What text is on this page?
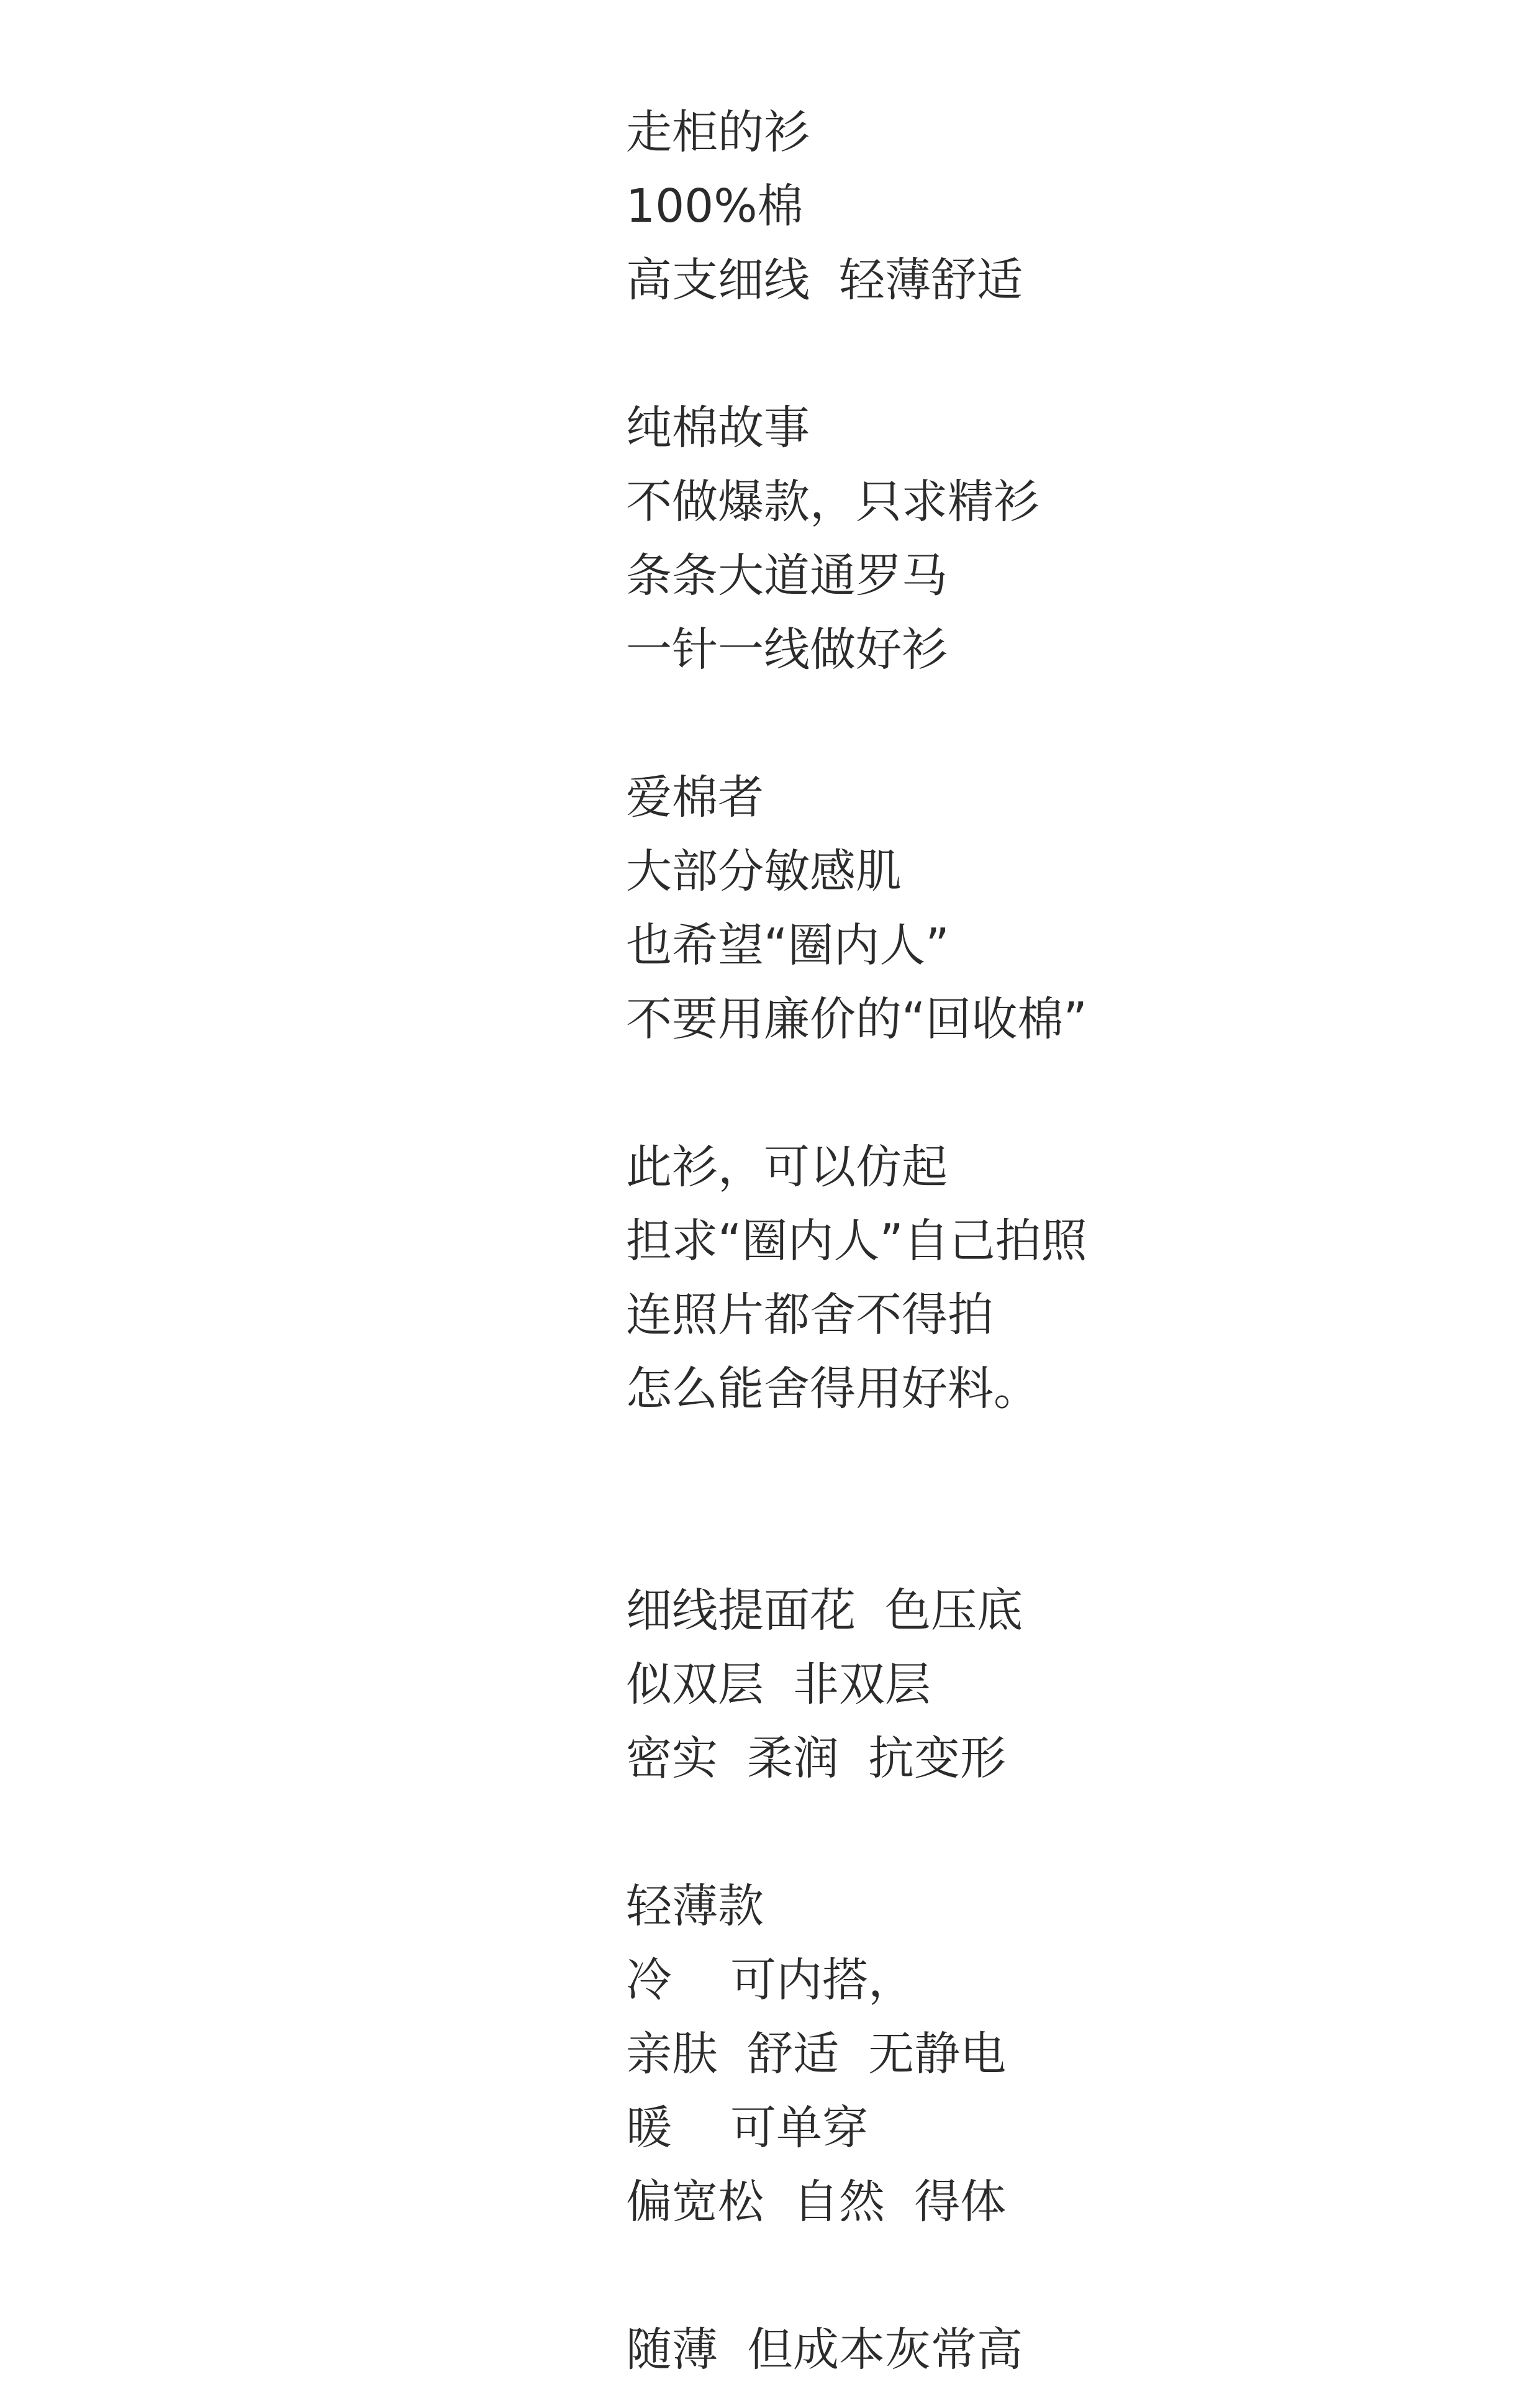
走柜的衫
100%棉
高支细线  轻薄舒适
纯棉故事
不做爆款，只求精衫
条条大道通罗马
一针一线做好衫
爱棉者
大部分敏感肌
也希望“圈内人”
不要用廉价的“回收棉”
此衫，可以仿起
担求“圈内人”自己拍照
连照片都舍不得拍
怎么能舍得用好料。
细线提面花  色压底
似双层  非双层
密实  柔润  抗变形
轻薄款
冷    可内搭，
亲肤  舒适  无静电
暖    可单穿
偏宽松  自然  得体
随薄  但成本灰常高
